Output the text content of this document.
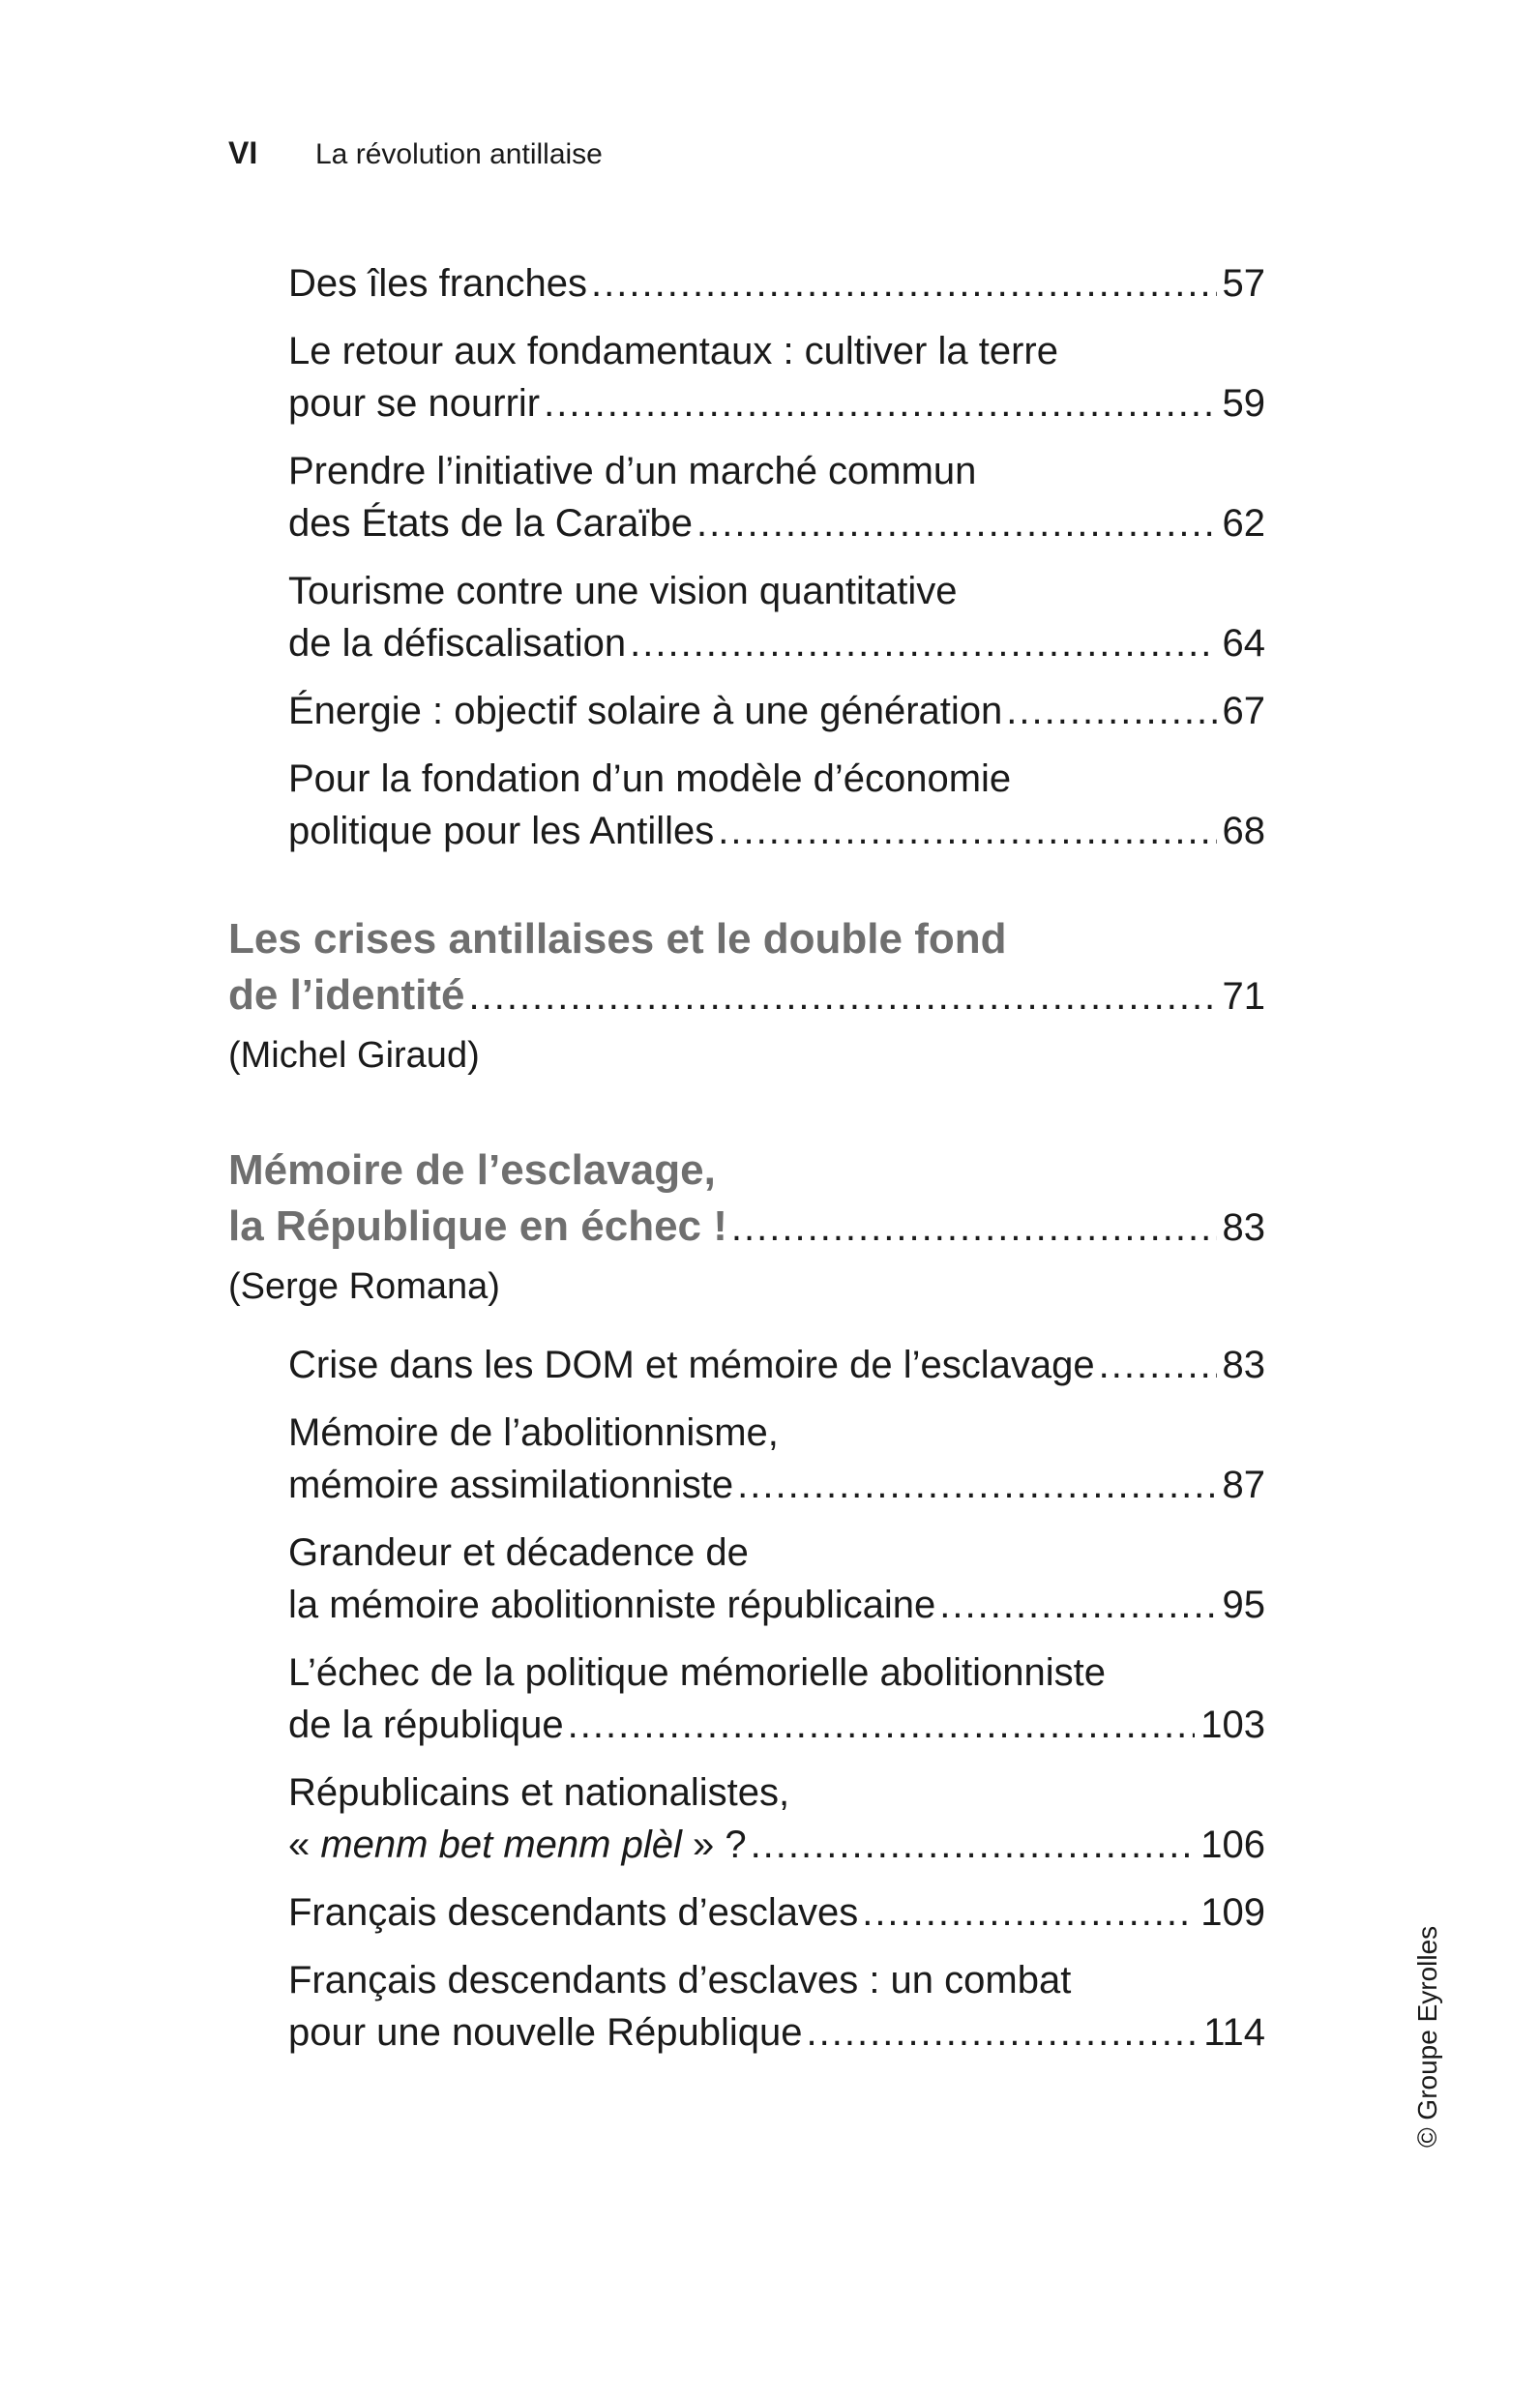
VI La révolution antillaise
Des îles franches .....	57
Le retour aux fondamentaux : cultiver la terre
pour se nourrir .....	59
Prendre l’initiative d’un marché commun
des États de la Caraïbe .....	62
Tourisme contre une vision quantitative
de la défiscalisation .....	64
Énergie : objectif solaire à une génération .....	67
Pour la fondation d’un modèle d’économie
politique pour les Antilles .....	68
Les crises antillaises et le double fond
de l’identité .....	71
(Michel Giraud)
Mémoire de l’esclavage,
la République en échec ! .....	83
(Serge Romana)
Crise dans les DOM et mémoire de l’esclavage .....	83
Mémoire de l’abolitionnisme,
mémoire assimilationniste .....	87
Grandeur et décadence de
la mémoire abolitionniste républicaine .....	95
L’échec de la politique mémorielle abolitionniste
de la république .....	103
Républicains et nationalistes,
« menm bet menm plèl » ? .....	106
Français descendants d’esclaves .....	109
Français descendants d’esclaves : un combat
pour une nouvelle République .....	114	© Groupe Eyrolles
